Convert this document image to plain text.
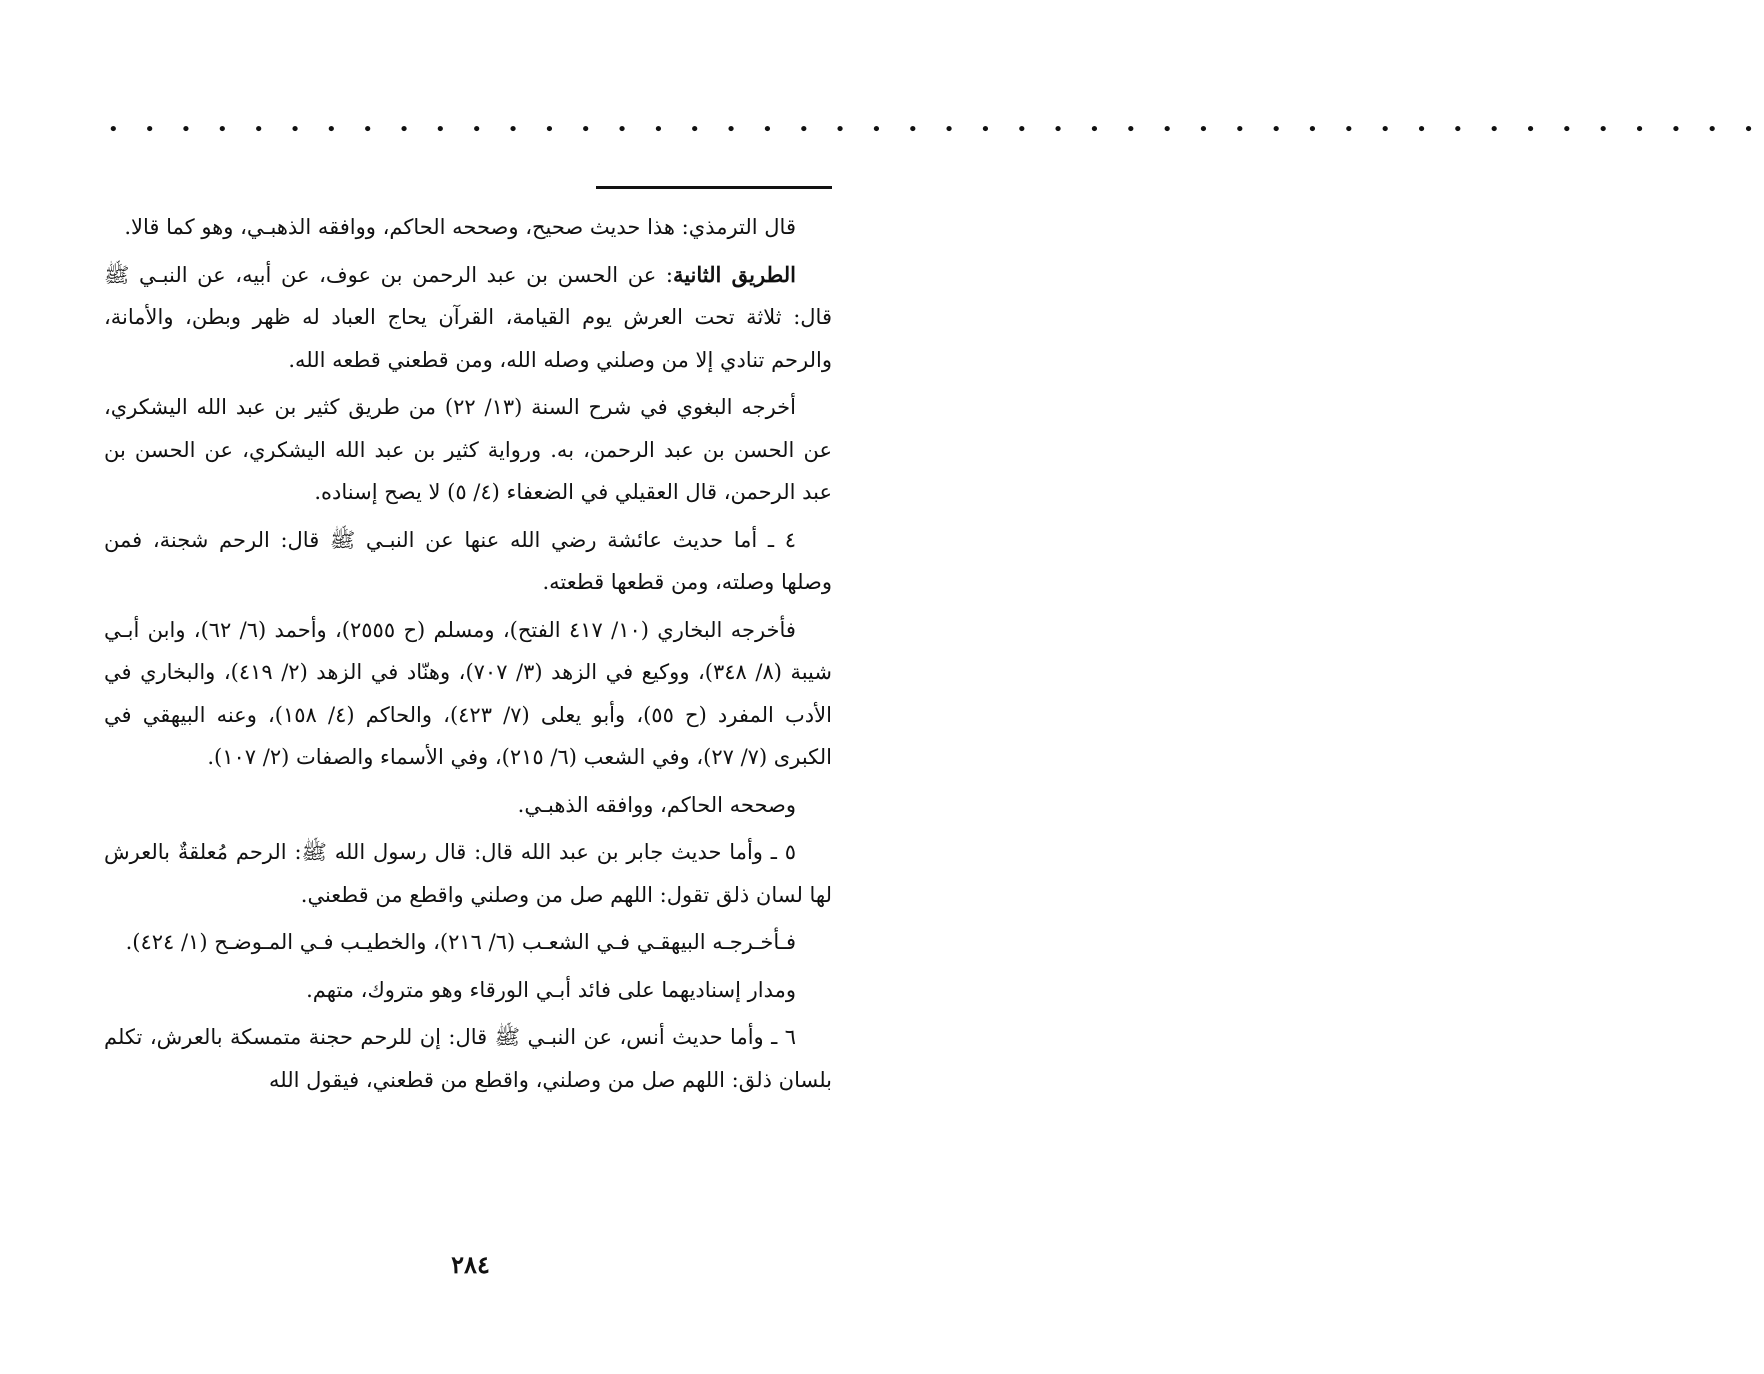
• • • • • • • • • • • • • • • • • • • • • • • • • • • • • • • • • • • • • • • • • • • • • •

قال الترمذي: هذا حديث صحيح، وصححه الحاكم، ووافقه الذهبـي، وهو كما قالا.

الطريق الثانية: عن الحسن بن عبد الرحمن بن عوف، عن أبيه، عن النبـي ﷺ قال: ثلاثة تحت العرش يوم القيامة، القرآن يحاج العباد له ظهر وبطن، والأمانة، والرحم تنادي إلا من وصلني وصله الله، ومن قطعني قطعه الله.

أخرجه البغوي في شرح السنة (١٣/ ٢٢) من طريق كثير بن عبد الله اليشكري، عن الحسن بن عبد الرحمن، به. ورواية كثير بن عبد الله اليشكري، عن الحسن بن عبد الرحمن، قال العقيلي في الضعفاء (٤/ ٥) لا يصح إسناده.

٤ ـ أما حديث عائشة رضي الله عنها عن النبـي ﷺ قال: الرحم شجنة، فمن وصلها وصلته، ومن قطعها قطعته.

فأخرجه البخاري (١٠/ ٤١٧ الفتح)، ومسلم (ح ٢٥٥٥)، وأحمد (٦/ ٦٢)، وابن أبـي شيبة (٨/ ٣٤٨)، ووكيع في الزهد (٣/ ٧٠٧)، وهنّاد في الزهد (٢/ ٤١٩)، والبخاري في الأدب المفرد (ح ٥٥)، وأبو يعلى (٧/ ٤٢٣)، والحاكم (٤/ ١٥٨)، وعنه البيهقي في الكبرى (٧/ ٢٧)، وفي الشعب (٦/ ٢١٥)، وفي الأسماء والصفات (٢/ ١٠٧).

وصححه الحاكم، ووافقه الذهبـي.

٥ ـ وأما حديث جابر بن عبد الله قال: قال رسول الله ﷺ: الرحم مُعلقةٌ بالعرش لها لسان ذلق تقول: اللهم صل من وصلني واقطع من قطعني.

فـأخـرجـه البيهقـي فـي الشعـب (٦/ ٢١٦)، والخطيـب فـي المـوضـح (١/ ٤٢٤).

ومدار إسناديهما على فائد أبـي الورقاء وهو متروك، متهم.

٦ ـ وأما حديث أنس، عن النبـي ﷺ قال: إن للرحم حجنة متمسكة بالعرش، تكلم بلسان ذلق: اللهم صل من وصلني، واقطع من قطعني، فيقول الله

٢٨٤
